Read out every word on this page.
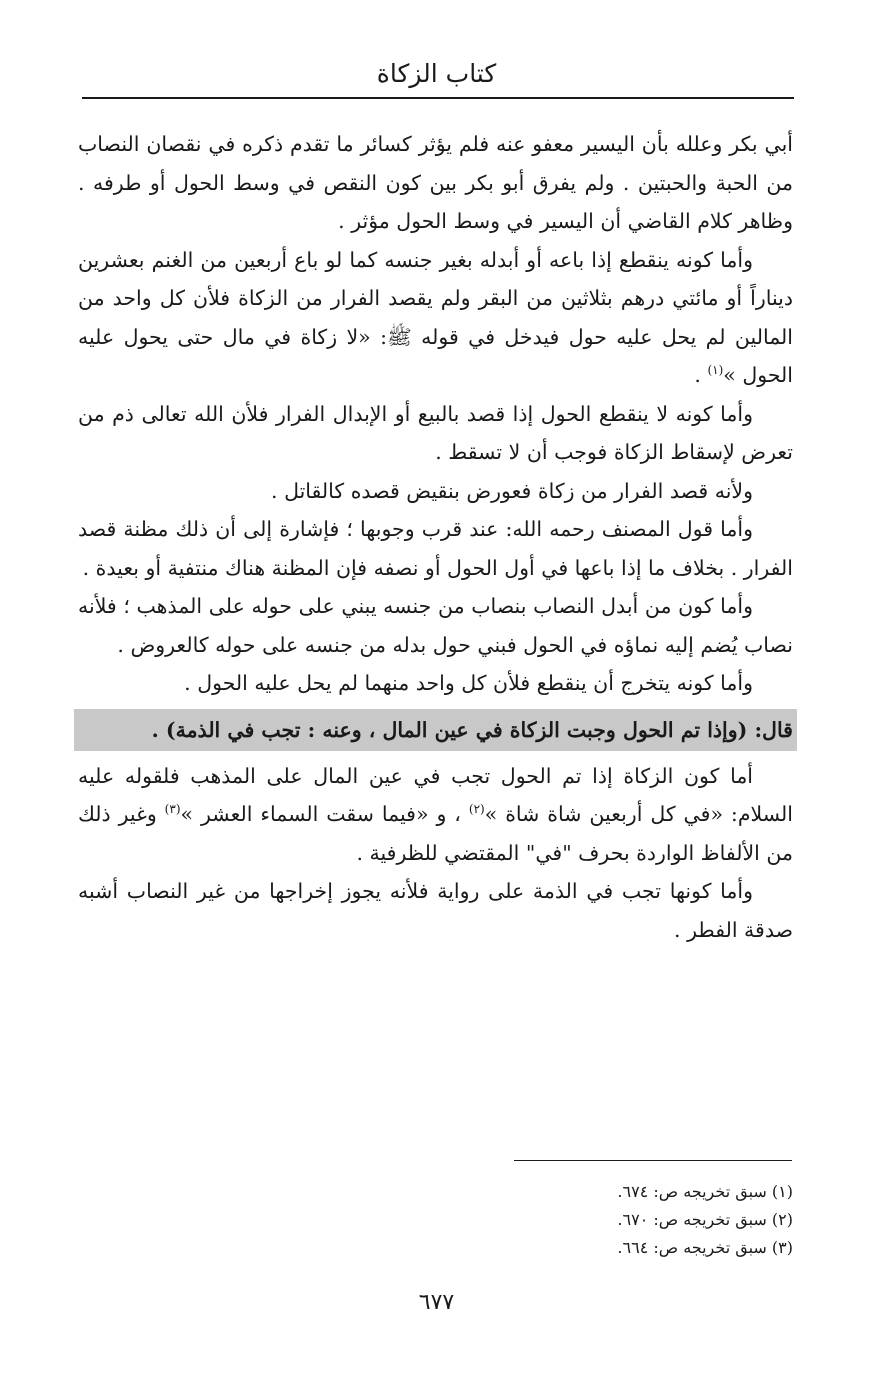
كتاب الزكاة

أبي بكر وعلله بأن اليسير معفو عنه فلم يؤثر كسائر ما تقدم ذكره في نقصان النصاب من الحبة والحبتين . ولم يفرق أبو بكر بين كون النقص في وسط الحول أو طرفه . وظاهر كلام القاضي أن اليسير في وسط الحول مؤثر .

وأما كونه ينقطع إذا باعه أو أبدله بغير جنسه كما لو باع أربعين من الغنم بعشرين ديناراً أو مائتي درهم بثلاثين من البقر ولم يقصد الفرار من الزكاة فلأن كل واحد من المالين لم يحل عليه حول فيدخل في قوله ﷺ: «لا زكاة في مال حتى يحول عليه الحول »$^{(١)}$ .

وأما كونه لا ينقطع الحول إذا قصد بالبيع أو الإبدال الفرار فلأن الله تعالى ذم من تعرض لإسقاط الزكاة فوجب أن لا تسقط .

ولأنه قصد الفرار من زكاة فعورض بنقيض قصده كالقاتل .

وأما قول المصنف رحمه الله: عند قرب وجوبها ؛ فإشارة إلى أن ذلك مظنة قصد الفرار . بخلاف ما إذا باعها في أول الحول أو نصفه فإن المظنة هناك منتفية أو بعيدة .

وأما كون من أبدل النصاب بنصاب من جنسه يبني على حوله على المذهب ؛ فلأنه نصاب يُضم إليه نماؤه في الحول فبني حول بدله من جنسه على حوله كالعروض .

وأما كونه يتخرج أن ينقطع فلأن كل واحد منهما لم يحل عليه الحول .

قال: (وإذا تم الحول وجبت الزكاة في عين المال ، وعنه : تجب في الذمة) .

أما كون الزكاة إذا تم الحول تجب في عين المال على المذهب فلقوله عليه السلام: «في كل أربعين شاة شاة »$^{(٢)}$ ، و «فيما سقت السماء العشر »$^{(٣)}$ وغير ذلك من الألفاظ الواردة بحرف "في" المقتضي للظرفية .

وأما كونها تجب في الذمة على رواية فلأنه يجوز إخراجها من غير النصاب أشبه صدقة الفطر .

(١) سبق تخريجه ص: ٦٧٤.
(٢) سبق تخريجه ص: ٦٧٠.
(٣) سبق تخريجه ص: ٦٦٤.
٦٧٧
